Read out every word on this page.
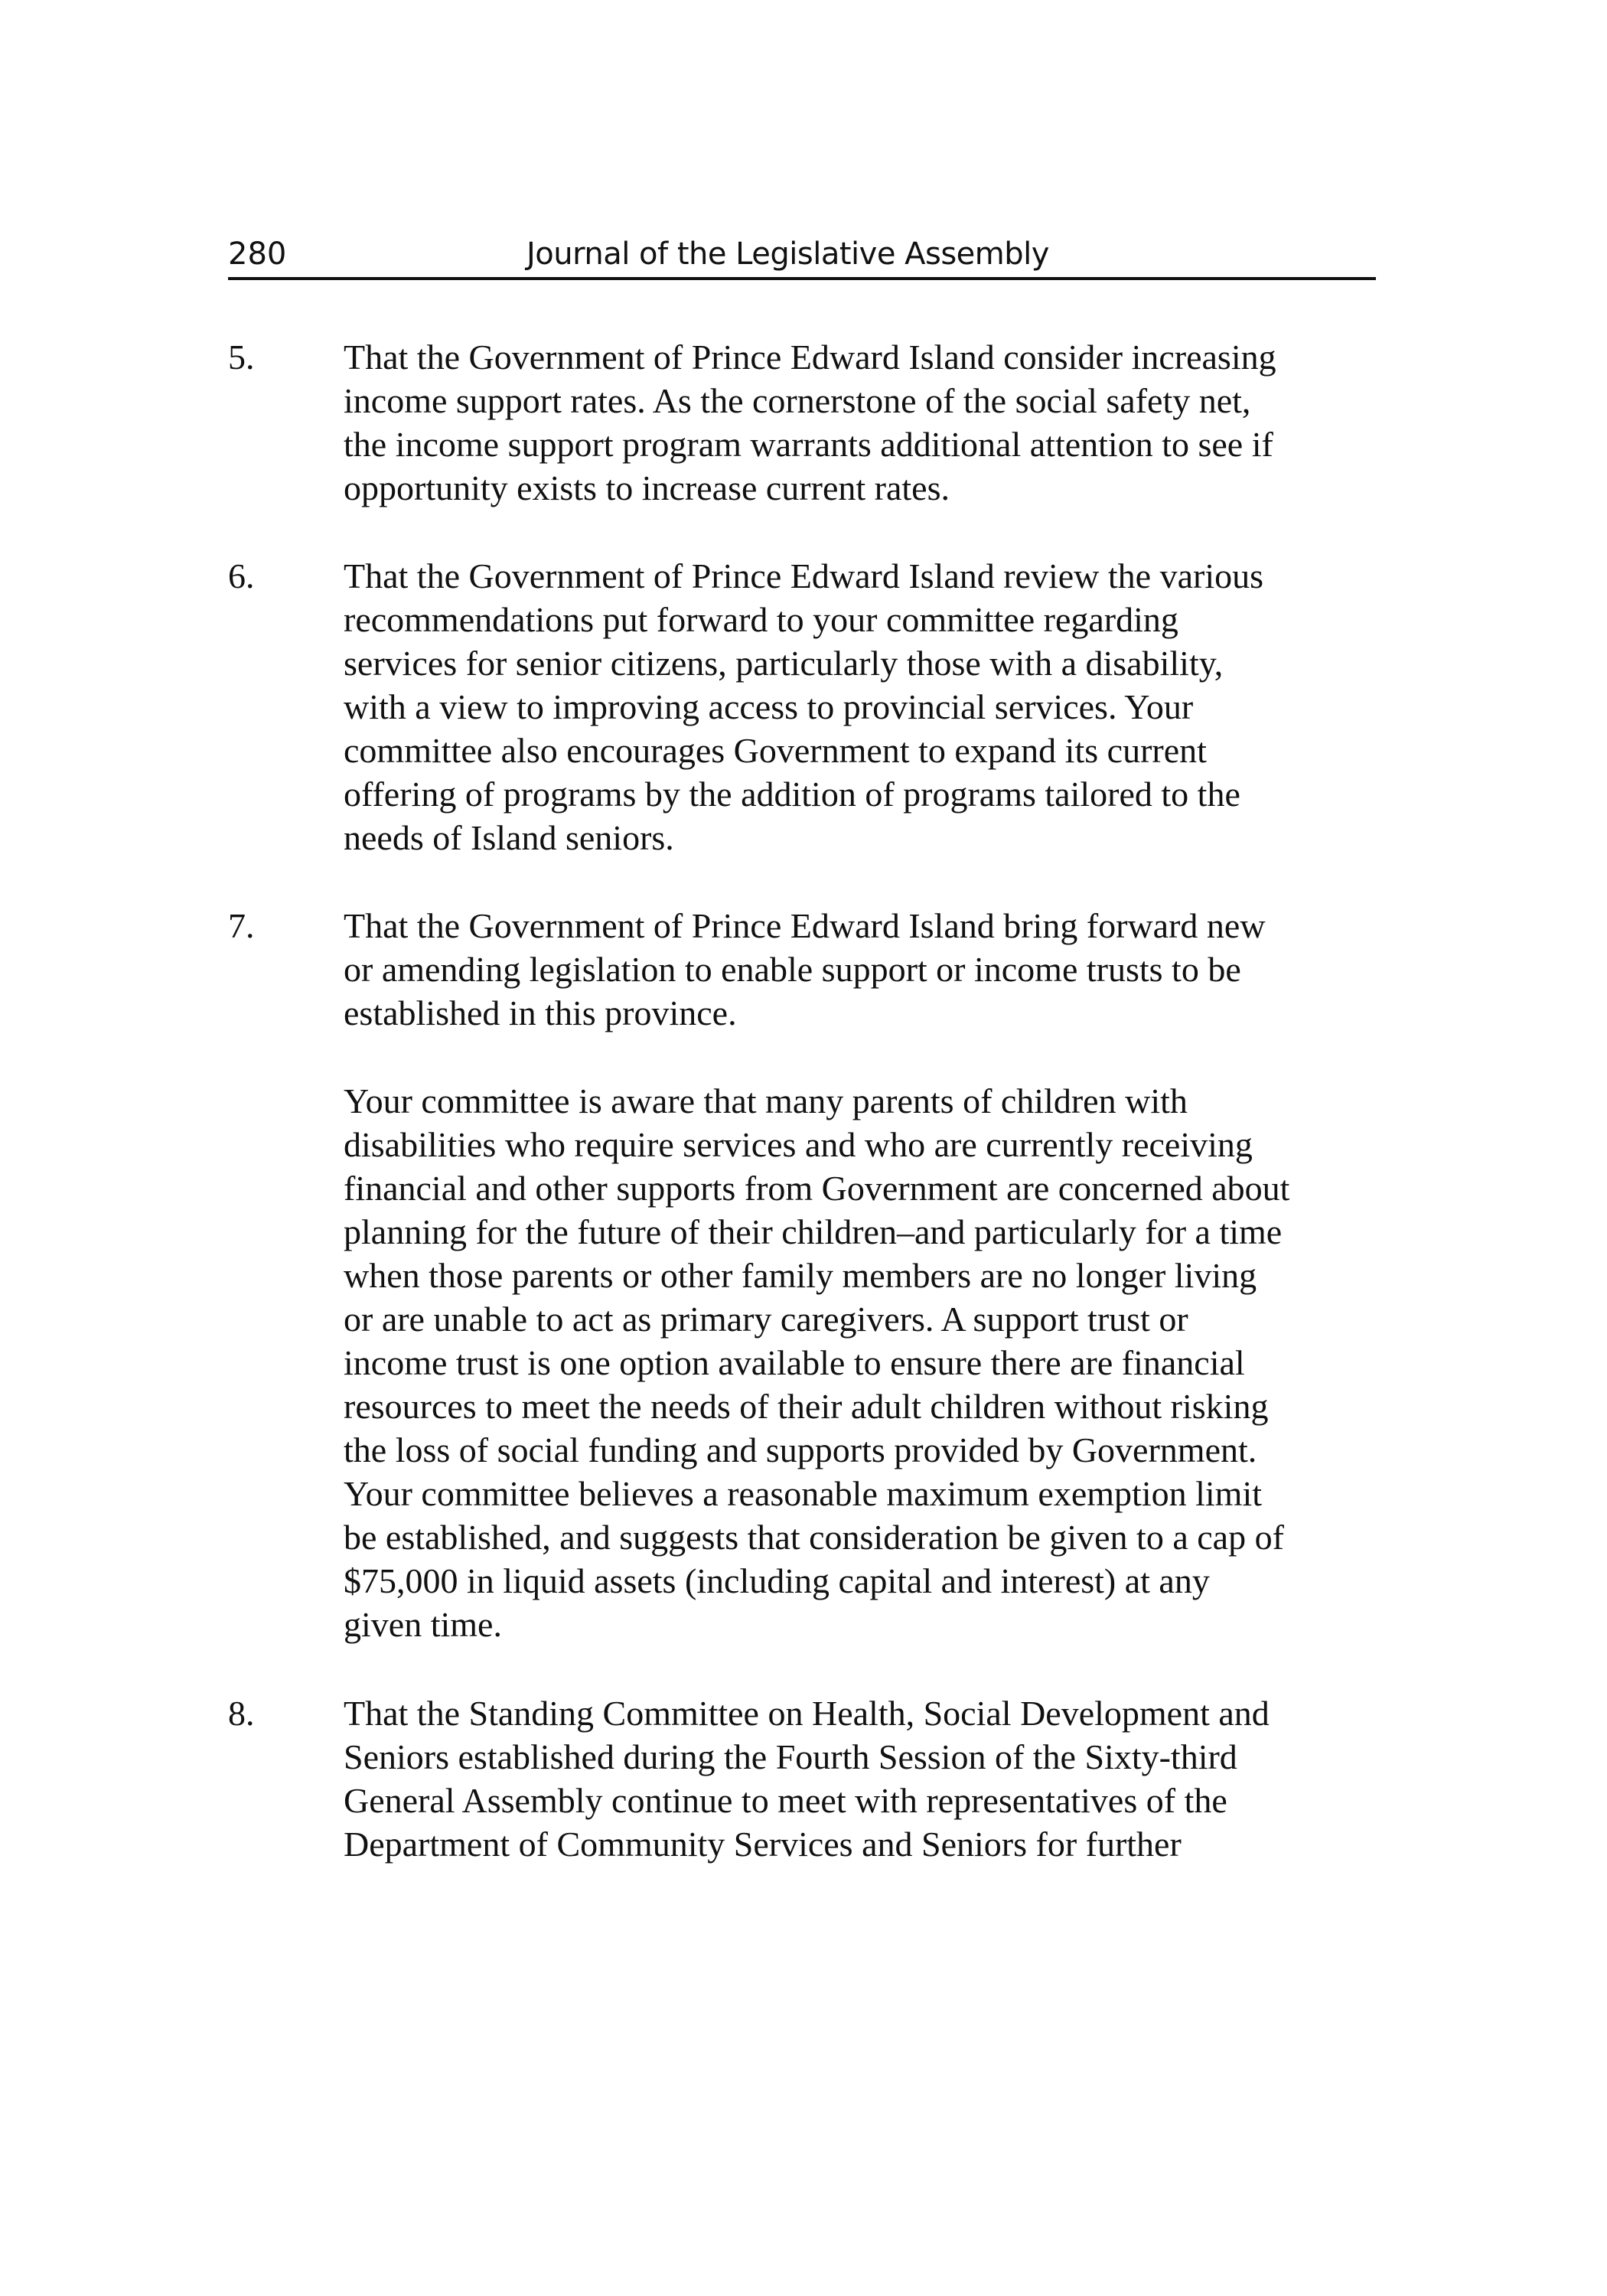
280	Journal of the Legislative Assembly
5.	That the Government of Prince Edward Island consider increasing
income support rates. As the cornerstone of the social safety net,
the income support program warrants additional attention to see if
opportunity exists to increase current rates.
6.	That the Government of Prince Edward Island review the various
recommendations put forward to your committee regarding
services for senior citizens, particularly those with a disability,
with a view to improving access to provincial services. Your
committee also encourages Government to expand its current
offering of programs by the addition of programs tailored to the
needs of Island seniors.
7.	That the Government of Prince Edward Island bring forward new
or amending legislation to enable support or income trusts to be
established in this province.
Your committee is aware that many parents of children with
disabilities who require services and who are currently receiving
financial and other supports from Government are concerned about
planning for the future of their children–and particularly for a time
when those parents or other family members are no longer living
or are unable to act as primary caregivers. A support trust or
income trust is one option available to ensure there are financial
resources to meet the needs of their adult children without risking
the loss of social funding and supports provided by Government.
Your committee believes a reasonable maximum exemption limit
be established, and suggests that consideration be given to a cap of
$75,000 in liquid assets (including capital and interest) at any
given time.
8.	That the Standing Committee on Health, Social Development and
Seniors established during the Fourth Session of the Sixty-third
General Assembly continue to meet with representatives of the
Department of Community Services and Seniors for further
